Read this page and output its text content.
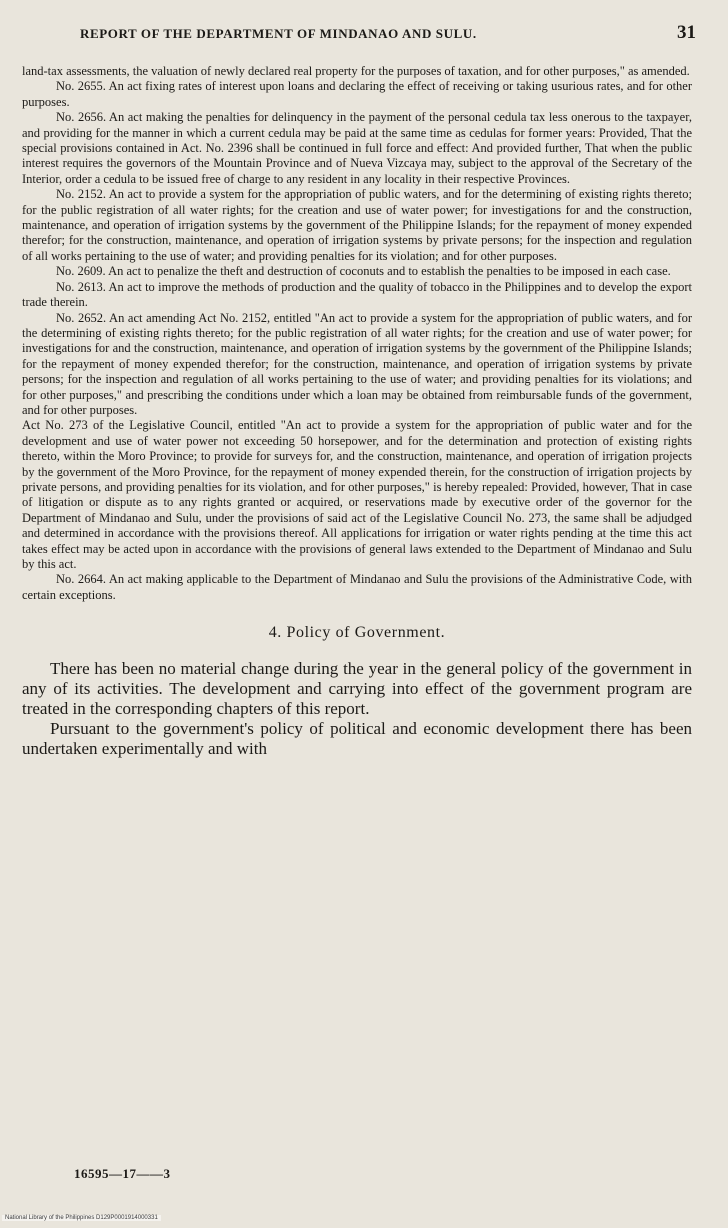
REPORT OF THE DEPARTMENT OF MINDANAO AND SULU.	31

land-tax assessments, the valuation of newly declared real property for the purposes of taxation, and for other purposes," as amended.

No. 2655. An act fixing rates of interest upon loans and declaring the effect of receiving or taking usurious rates, and for other purposes.

No. 2656. An act making the penalties for delinquency in the payment of the personal cedula tax less onerous to the taxpayer, and providing for the manner in which a current cedula may be paid at the same time as cedulas for former years: Provided, That the special provisions contained in Act. No. 2396 shall be continued in full force and effect: And provided further, That when the public interest requires the governors of the Mountain Province and of Nueva Vizcaya may, subject to the approval of the Secretary of the Interior, order a cedula to be issued free of charge to any resident in any locality in their respective Provinces.

No. 2152. An act to provide a system for the appropriation of public waters, and for the determining of existing rights thereto; for the public registration of all water rights; for the creation and use of water power; for investigations for and the construction, maintenance, and operation of irrigation systems by the government of the Philippine Islands; for the repayment of money expended therefor; for the construction, maintenance, and operation of irrigation systems by private persons; for the inspection and regulation of all works pertaining to the use of water; and providing penalties for its violation; and for other purposes.

No. 2609. An act to penalize the theft and destruction of coconuts and to establish the penalties to be imposed in each case.

No. 2613. An act to improve the methods of production and the quality of tobacco in the Philippines and to develop the export trade therein.

No. 2652. An act amending Act No. 2152, entitled "An act to provide a system for the appropriation of public waters, and for the determining of existing rights thereto; for the public registration of all water rights; for the creation and use of water power; for investigations for and the construction, maintenance, and operation of irrigation systems by the government of the Philippine Islands; for the repayment of money expended therefor; for the construction, maintenance, and operation of irrigation systems by private persons; for the inspection and regulation of all works pertaining to the use of water; and providing penalties for its violations; and for other purposes," and prescribing the conditions under which a loan may be obtained from reimbursable funds of the government, and for other purposes.

Act No. 273 of the Legislative Council, entitled "An act to provide a system for the appropriation of public water and for the development and use of water power not exceeding 50 horsepower, and for the determination and protection of existing rights thereto, within the Moro Province; to provide for surveys for, and the construction, maintenance, and operation of irrigation projects by the government of the Moro Province, for the repayment of money expended therein, for the construction of irrigation projects by private persons, and providing penalties for its violation, and for other purposes," is hereby repealed: Provided, however, That in case of litigation or dispute as to any rights granted or acquired, or reservations made by executive order of the governor for the Department of Mindanao and Sulu, under the provisions of said act of the Legislative Council No. 273, the same shall be adjudged and determined in accordance with the provisions thereof. All applications for irrigation or water rights pending at the time this act takes effect may be acted upon in accordance with the provisions of general laws extended to the Department of Mindanao and Sulu by this act.

No. 2664. An act making applicable to the Department of Mindanao and Sulu the provisions of the Administrative Code, with certain exceptions.

4. Policy of Government.

There has been no material change during the year in the general policy of the government in any of its activities. The development and carrying into effect of the government program are treated in the corresponding chapters of this report.

Pursuant to the government's policy of political and economic development there has been undertaken experimentally and with

16595—17——3
National Library of the Philippines D129P0001914000331
